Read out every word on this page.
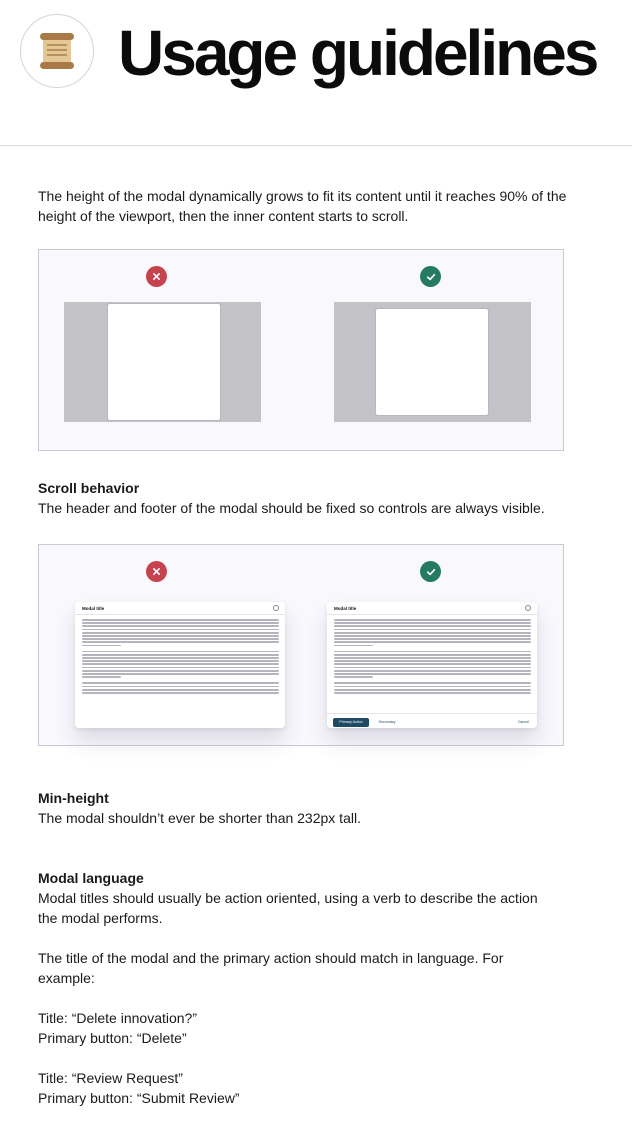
Usage guidelines
The height of the modal dynamically grows to fit its content until it reaches 90% of the height of the viewport, then the inner content starts to scroll.
Scroll behavior
The header and footer of the modal should be fixed so controls are always visible.
Modal title	Modal title
Primary Action	Secondary	Cancel
Min-height
The modal shouldn’t ever be shorter than 232px tall.
Modal language
Modal titles should usually be action oriented, using a verb to describe the action the modal performs.
The title of the modal and the primary action should match in language. For example:
Title: “Delete innovation?”
Primary button: “Delete”
Title: “Review Request”
Primary button: “Submit Review”
